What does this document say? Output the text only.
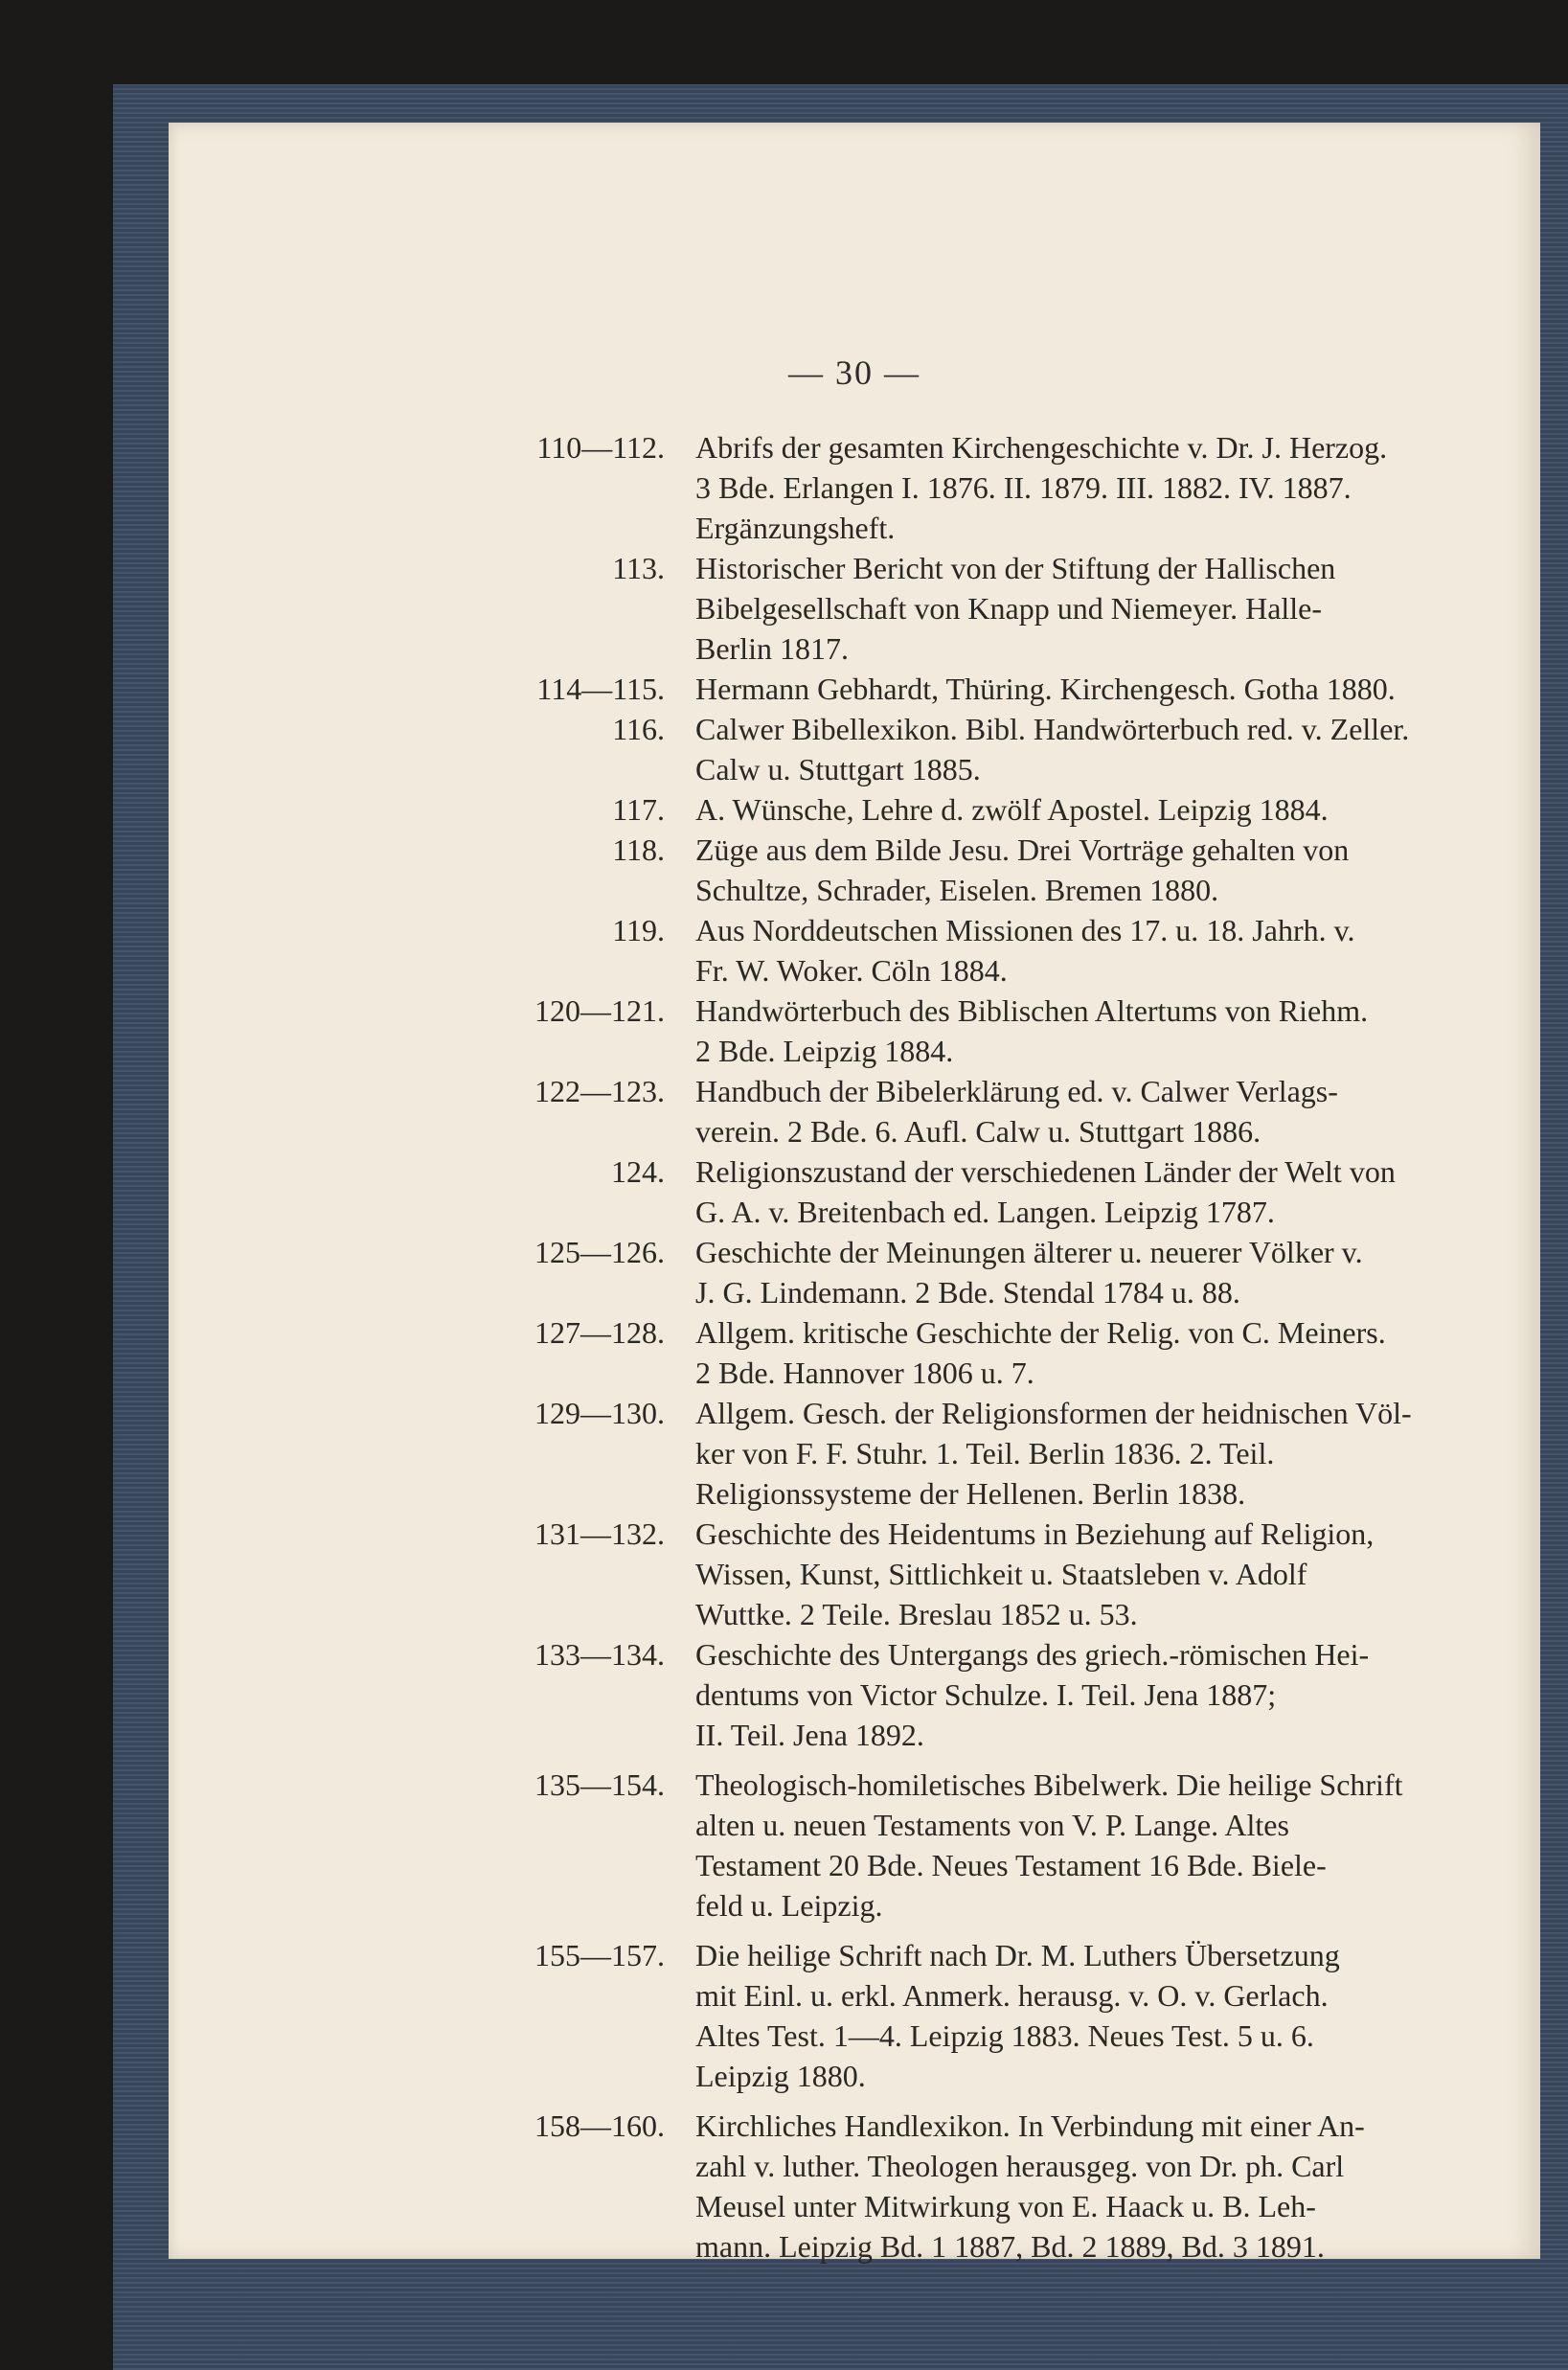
— 30 —
110—112. Abrifs der gesamten Kirchengeschichte v. Dr. J. Herzog.
3 Bde. Erlangen I. 1876. II. 1879. III. 1882. IV. 1887.
Ergänzungsheft.
113. Historischer Bericht von der Stiftung der Hallischen
Bibelgesellschaft von Knapp und Niemeyer. Halle-
Berlin 1817.
114—115. Hermann Gebhardt, Thüring. Kirchengesch. Gotha 1880.
116. Calwer Bibellexikon. Bibl. Handwörterbuch red. v. Zeller.
Calw u. Stuttgart 1885.
117. A. Wünsche, Lehre d. zwölf Apostel. Leipzig 1884.
118. Züge aus dem Bilde Jesu. Drei Vorträge gehalten von
Schultze, Schrader, Eiselen. Bremen 1880.
119. Aus Norddeutschen Missionen des 17. u. 18. Jahrh. v.
Fr. W. Woker. Cöln 1884.
120—121. Handwörterbuch des Biblischen Altertums von Riehm.
2 Bde. Leipzig 1884.
122—123. Handbuch der Bibelerklärung ed. v. Calwer Verlags-
verein. 2 Bde. 6. Aufl. Calw u. Stuttgart 1886.
124. Religionszustand der verschiedenen Länder der Welt von
G. A. v. Breitenbach ed. Langen. Leipzig 1787.
125—126. Geschichte der Meinungen älterer u. neuerer Völker v.
J. G. Lindemann. 2 Bde. Stendal 1784 u. 88.
127—128. Allgem. kritische Geschichte der Relig. von C. Meiners.
2 Bde. Hannover 1806 u. 7.
129—130. Allgem. Gesch. der Religionsformen der heidnischen Völ-
ker von F. F. Stuhr. 1. Teil. Berlin 1836. 2. Teil.
Religionssysteme der Hellenen. Berlin 1838.
131—132. Geschichte des Heidentums in Beziehung auf Religion,
Wissen, Kunst, Sittlichkeit u. Staatsleben v. Adolf
Wuttke. 2 Teile. Breslau 1852 u. 53.
133—134. Geschichte des Untergangs des griech.-römischen Hei-
dentums von Victor Schulze. I. Teil. Jena 1887;
II. Teil. Jena 1892.
135—154. Theologisch-homiletisches Bibelwerk. Die heilige Schrift
alten u. neuen Testaments von V. P. Lange. Altes
Testament 20 Bde. Neues Testament 16 Bde. Biele-
feld u. Leipzig.
155—157. Die heilige Schrift nach Dr. M. Luthers Übersetzung
mit Einl. u. erkl. Anmerk. herausg. v. O. v. Gerlach.
Altes Test. 1—4. Leipzig 1883. Neues Test. 5 u. 6.
Leipzig 1880.
158—160. Kirchliches Handlexikon. In Verbindung mit einer An-
zahl v. luther. Theologen herausgeg. von Dr. ph. Carl
Meusel unter Mitwirkung von E. Haack u. B. Leh-
mann. Leipzig Bd. 1 1887, Bd. 2 1889, Bd. 3 1891.
